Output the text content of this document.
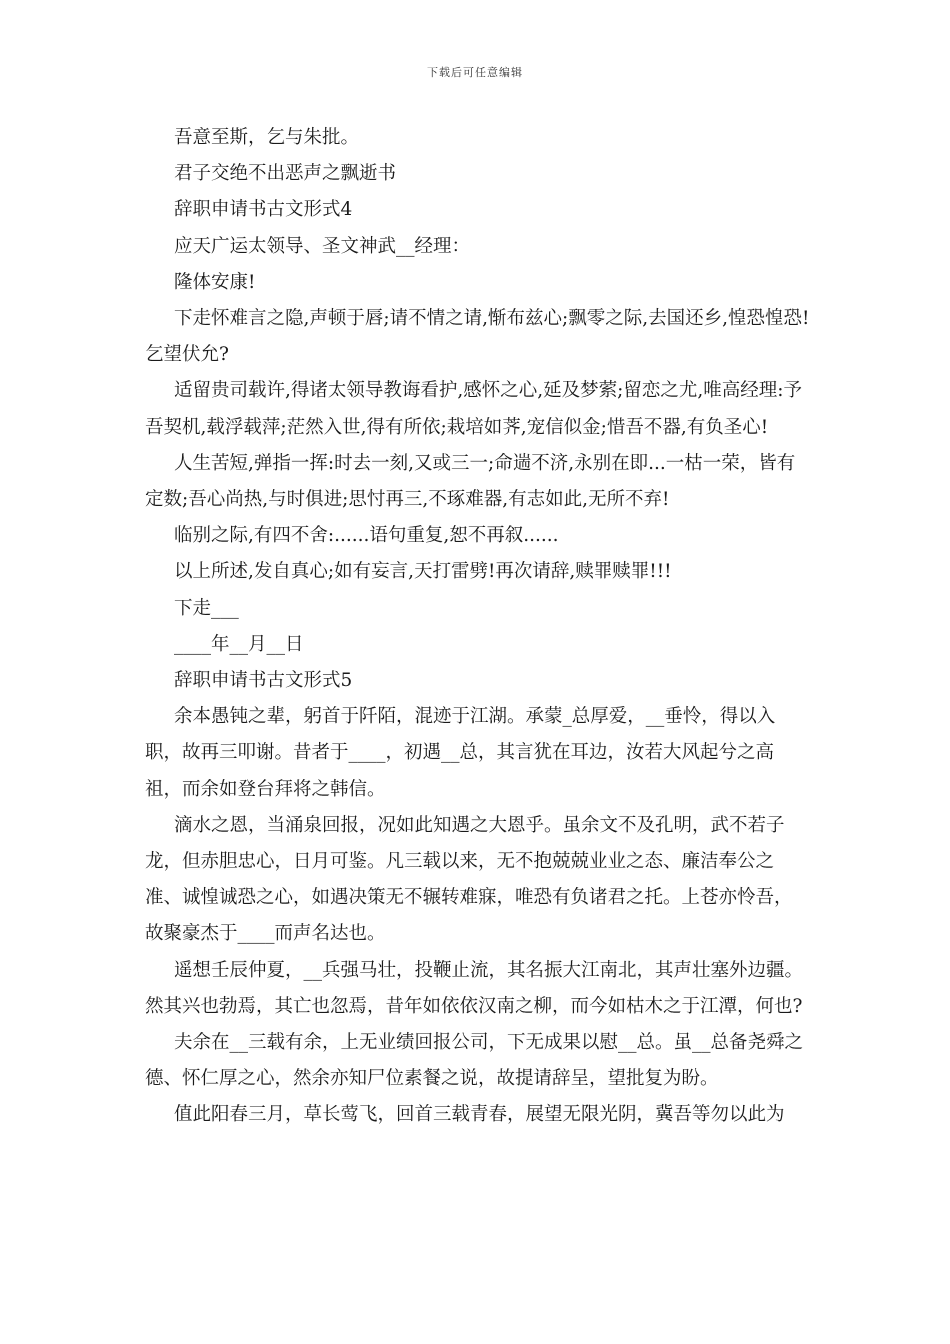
下载后可任意编辑

吾意至斯，乞与朱批。

君子交绝不出恶声之飘逝书

辞职申请书古文形式4

应天广运太领导、圣文神武__经理：

隆体安康!

下走怀难言之隐,声顿于唇;请不情之请,惭布兹心;飘零之际,去国还乡,惶恐惶恐!乞望伏允?

适留贵司载许,得诸太领导教诲看护,感怀之心,延及梦萦;留恋之尤,唯高经理:予吾契机,载浮载萍;茫然入世,得有所依;栽培如荠,宠信似金;惜吾不器,有负圣心!

人生苦短,弹指一挥:时去一刻,又或三一;命遄不济,永别在即...一枯一荣，皆有定数;吾心尚热,与时俱进;思忖再三,不琢难器,有志如此,无所不弃!

临别之际,有四不舍:......语句重复,恕不再叙......

以上所述,发自真心;如有妄言,天打雷劈!再次请辞,赎罪赎罪!!!

下走___

____年__月__日

辞职申请书古文形式5

余本愚钝之辈，躬首于阡陌，混迹于江湖。承蒙_总厚爱，__垂怜，得以入职，故再三叩谢。昔者于____，初遇__总，其言犹在耳边，汝若大风起兮之高祖，而余如登台拜将之韩信。

滴水之恩，当涌泉回报，况如此知遇之大恩乎。虽余文不及孔明，武不若子龙，但赤胆忠心，日月可鉴。凡三载以来，无不抱兢兢业业之态、廉洁奉公之准、诚惶诚恐之心，如遇决策无不辗转难寐，唯恐有负诸君之托。上苍亦怜吾，故聚豪杰于____而声名达也。

遥想壬辰仲夏，__兵强马壮，投鞭止流，其名振大江南北，其声壮塞外边疆。然其兴也勃焉，其亡也忽焉，昔年如依依汉南之柳，而今如枯木之于江潭，何也?

夫余在__三载有余，上无业绩回报公司，下无成果以慰__总。虽__总备尧舜之德、怀仁厚之心，然余亦知尸位素餐之说，故提请辞呈，望批复为盼。

值此阳春三月，草长莺飞，回首三载青春，展望无限光阴，冀吾等勿以此为
